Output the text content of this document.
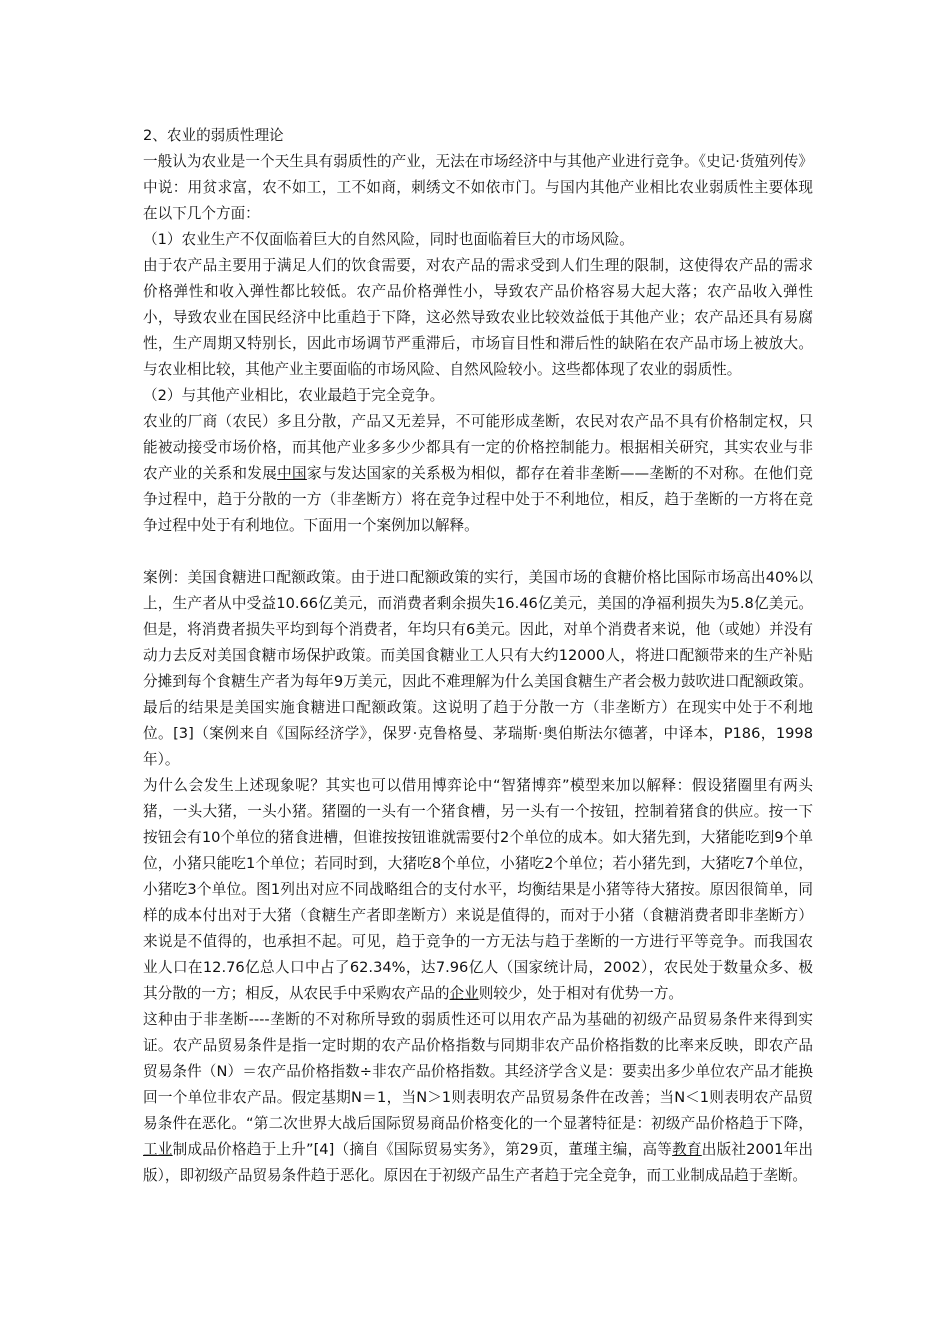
2、农业的弱质性理论

一般认为农业是一个天生具有弱质性的产业，无法在市场经济中与其他产业进行竞争。《史记·货殖列传》中说：用贫求富，农不如工，工不如商，刺绣文不如依市门。与国内其他产业相比农业弱质性主要体现在以下几个方面：

（1）农业生产不仅面临着巨大的自然风险，同时也面临着巨大的市场风险。

由于农产品主要用于满足人们的饮食需要，对农产品的需求受到人们生理的限制，这使得农产品的需求价格弹性和收入弹性都比较低。农产品价格弹性小，导致农产品价格容易大起大落；农产品收入弹性小，导致农业在国民经济中比重趋于下降，这必然导致农业比较效益低于其他产业；农产品还具有易腐性，生产周期又特别长，因此市场调节严重滞后，市场盲目性和滞后性的缺陷在农产品市场上被放大。与农业相比较，其他产业主要面临的市场风险、自然风险较小。这些都体现了农业的弱质性。

（2）与其他产业相比，农业最趋于完全竞争。

农业的厂商（农民）多且分散，产品又无差异，不可能形成垄断，农民对农产品不具有价格制定权，只能被动接受市场价格，而其他产业多多少少都具有一定的价格控制能力。根据相关研究，其实农业与非农产业的关系和发展中国家与发达国家的关系极为相似，都存在着非垄断——垄断的不对称。在他们竞争过程中，趋于分散的一方（非垄断方）将在竞争过程中处于不利地位，相反，趋于垄断的一方将在竞争过程中处于有利地位。下面用一个案例加以解释。

案例：美国食糖进口配额政策。由于进口配额政策的实行，美国市场的食糖价格比国际市场高出40%以上，生产者从中受益10.66亿美元，而消费者剩余损失16.46亿美元，美国的净福利损失为5.8亿美元。但是，将消费者损失平均到每个消费者，年均只有6美元。因此，对单个消费者来说，他（或她）并没有动力去反对美国食糖市场保护政策。而美国食糖业工人只有大约12000人，将进口配额带来的生产补贴分摊到每个食糖生产者为每年9万美元，因此不难理解为什么美国食糖生产者会极力鼓吹进口配额政策。最后的结果是美国实施食糖进口配额政策。这说明了趋于分散一方（非垄断方）在现实中处于不利地位。[3]（案例来自《国际经济学》，保罗·克鲁格曼、茅瑞斯·奥伯斯法尔德著，中译本，P186，1998年）。

为什么会发生上述现象呢？其实也可以借用博弈论中“智猪博弈”模型来加以解释：假设猪圈里有两头猪，一头大猪，一头小猪。猪圈的一头有一个猪食槽，另一头有一个按钮，控制着猪食的供应。按一下按钮会有10个单位的猪食进槽，但谁按按钮谁就需要付2个单位的成本。如大猪先到，大猪能吃到9个单位，小猪只能吃1个单位；若同时到，大猪吃8个单位，小猪吃2个单位；若小猪先到，大猪吃7个单位，小猪吃3个单位。图1列出对应不同战略组合的支付水平，均衡结果是小猪等待大猪按。原因很简单，同样的成本付出对于大猪（食糖生产者即垄断方）来说是值得的，而对于小猪（食糖消费者即非垄断方）来说是不值得的，也承担不起。可见，趋于竞争的一方无法与趋于垄断的一方进行平等竞争。而我国农业人口在12.76亿总人口中占了62.34%，达7.96亿人（国家统计局，2002），农民处于数量众多、极其分散的一方；相反，从农民手中采购农产品的企业则较少，处于相对有优势一方。

这种由于非垄断----垄断的不对称所导致的弱质性还可以用农产品为基础的初级产品贸易条件来得到实证。农产品贸易条件是指一定时期的农产品价格指数与同期非农产品价格指数的比率来反映，即农产品贸易条件（N）＝农产品价格指数÷非农产品价格指数。其经济学含义是：要卖出多少单位农产品才能换回一个单位非农产品。假定基期N＝1，当N＞1则表明农产品贸易条件在改善；当N＜1则表明农产品贸易条件在恶化。“第二次世界大战后国际贸易商品价格变化的一个显著特征是：初级产品价格趋于下降，工业制成品价格趋于上升”[4]（摘自《国际贸易实务》，第29页，董瑾主编，高等教育出版社2001年出版），即初级产品贸易条件趋于恶化。原因在于初级产品生产者趋于完全竞争，而工业制成品趋于垄断。
